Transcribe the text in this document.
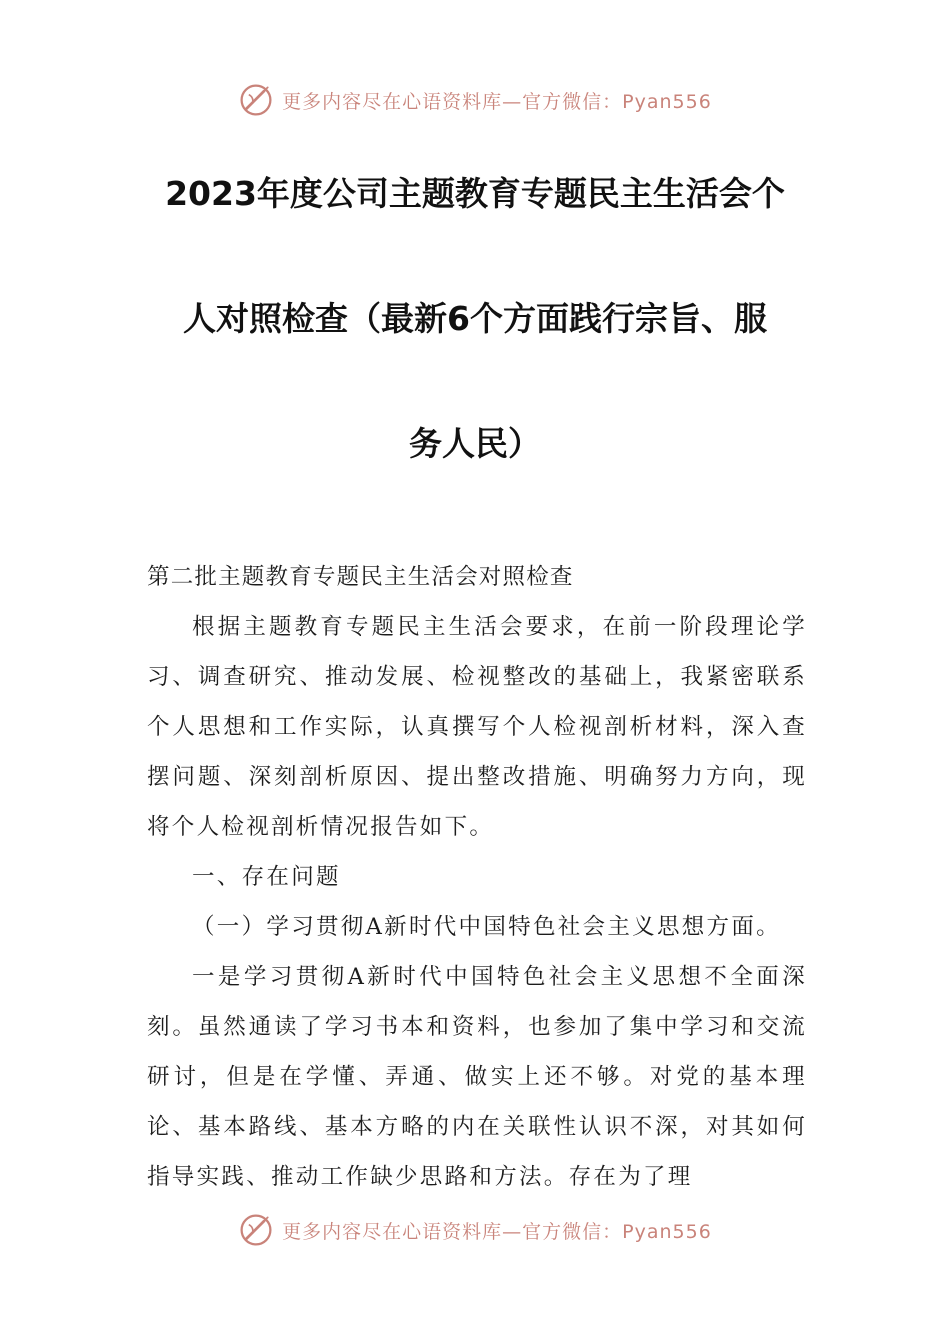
更多内容尽在心语资料库—官方微信：Pyan556
2023年度公司主题教育专题民主生活会个
人对照检查（最新6个方面践行宗旨、服
务人民）

第二批主题教育专题民主生活会对照检查

根据主题教育专题民主生活会要求，在前一阶段理论学习、调查研究、推动发展、检视整改的基础上，我紧密联系个人思想和工作实际，认真撰写个人检视剖析材料，深入查摆问题、深刻剖析原因、提出整改措施、明确努力方向，现将个人检视剖析情况报告如下。

一、存在问题

（一）学习贯彻A新时代中国特色社会主义思想方面。

一是学习贯彻A新时代中国特色社会主义思想不全面深刻。虽然通读了学习书本和资料，也参加了集中学习和交流研讨，但是在学懂、弄通、做实上还不够。对党的基本理论、基本路线、基本方略的内在关联性认识不深，对其如何指导实践、推动工作缺少思路和方法。存在为了理

更多内容尽在心语资料库—官方微信：Pyan556
